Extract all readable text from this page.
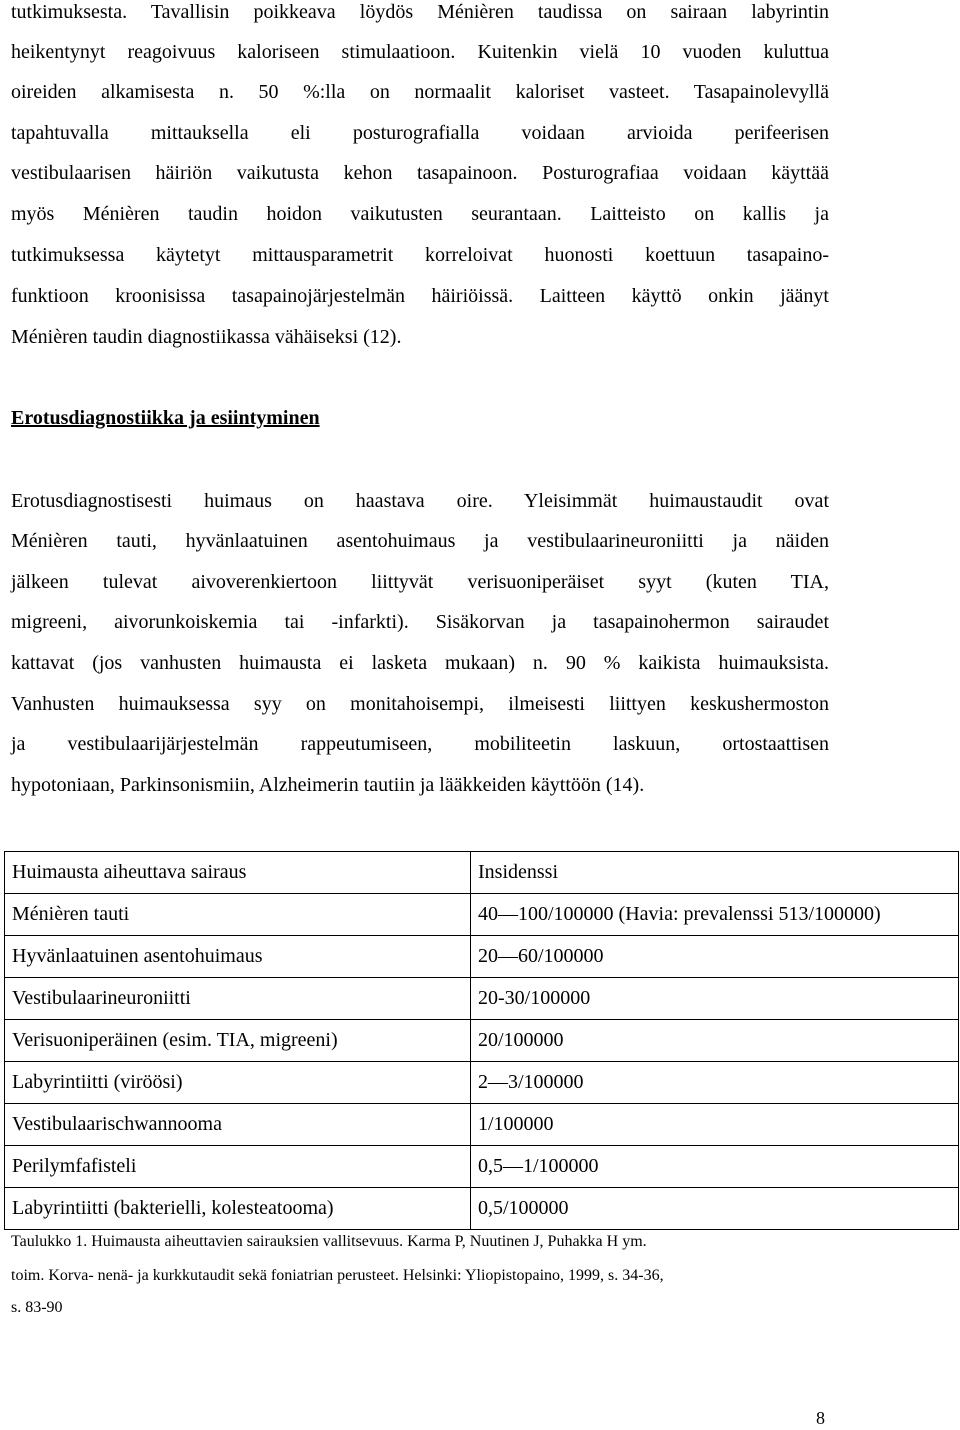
tutkimuksesta. Tavallisin poikkeava löydös Ménièren taudissa on sairaan labyrintin
heikentynyt reagoivuus kaloriseen stimulaatioon. Kuitenkin vielä 10 vuoden kuluttua
oireiden alkamisesta n. 50 %:lla on normaalit kaloriset vasteet. Tasapainolevyllä
tapahtuvalla mittauksella eli posturografialla voidaan arvioida perifeerisen
vestibulaarisen häiriön vaikutusta kehon tasapainoon. Posturografiaa voidaan käyttää
myös Ménièren taudin hoidon vaikutusten seurantaan. Laitteisto on kallis ja
tutkimuksessa käytetyt mittausparametrit korreloivat huonosti koettuun tasapaino-
funktioon kroonisissa tasapainojärjestelmän häiriöissä. Laitteen käyttö onkin jäänyt
Ménièren taudin diagnostiikassa vähäiseksi (12).
Erotusdiagnostiikka ja esiintyminen
Erotusdiagnostisesti huimaus on haastava oire. Yleisimmät huimaustaudit ovat
Ménièren tauti, hyvänlaatuinen asentohuimaus ja vestibulaarineuroniitti ja näiden
jälkeen tulevat aivoverenkiertoon liittyvät verisuoniperäiset syyt (kuten TIA,
migreeni, aivorunkoiskemia tai -infarkti). Sisäkorvan ja tasapainohermon sairaudet
kattavat (jos vanhusten huimausta ei lasketa mukaan) n. 90 % kaikista huimauksista.
Vanhusten huimauksessa syy on monitahoisempi, ilmeisesti liittyen keskushermoston
ja vestibulaarijärjestelmän rappeutumiseen, mobiliteetin laskuun, ortostaattisen
hypotoniaan, Parkinsonismiin, Alzheimerin tautiin ja lääkkeiden käyttöön (14).
Huimausta aiheuttava sairaus	Insidenssi
Ménièren tauti	40—100/100000 (Havia: prevalenssi 513/100000)
Hyvänlaatuinen asentohuimaus	20—60/100000
Vestibulaarineuroniitti	20-30/100000
Verisuoniperäinen (esim. TIA, migreeni)	20/100000
Labyrintiitti (viröösi)	2—3/100000
Vestibulaarischwannooma	1/100000
Perilymfafisteli	0,5—1/100000
Labyrintiitti (bakterielli, kolesteatooma)	0,5/100000
Taulukko 1. Huimausta aiheuttavien sairauksien vallitsevuus. Karma P, Nuutinen J, Puhakka H ym.
toim. Korva- nenä- ja kurkkutaudit sekä foniatrian perusteet. Helsinki: Yliopistopaino, 1999, s. 34-36,
s. 83-90
8
